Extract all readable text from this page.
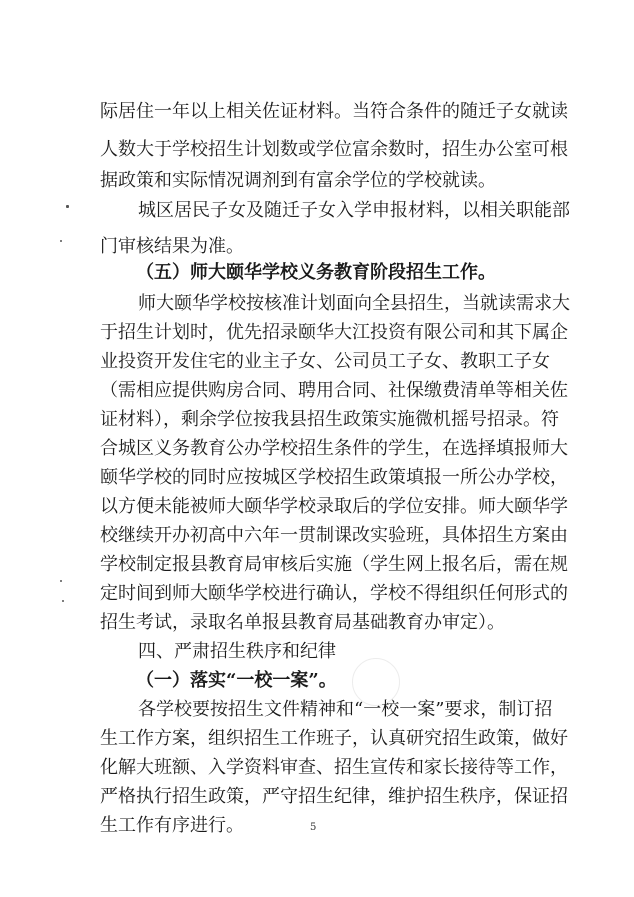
际居住一年以上相关佐证材料。当符合条件的随迁子女就读
人数大于学校招生计划数或学位富余数时，招生办公室可根
据政策和实际情况调剂到有富余学位的学校就读。
城区居民子女及随迁子女入学申报材料，以相关职能部
门审核结果为准。
（五）师大颐华学校义务教育阶段招生工作。
师大颐华学校按核准计划面向全县招生，当就读需求大
于招生计划时，优先招录颐华大江投资有限公司和其下属企
业投资开发住宅的业主子女、公司员工子女、教职工子女
（需相应提供购房合同、聘用合同、社保缴费清单等相关佐
证材料），剩余学位按我县招生政策实施微机摇号招录。符
合城区义务教育公办学校招生条件的学生，在选择填报师大
颐华学校的同时应按城区学校招生政策填报一所公办学校，
以方便未能被师大颐华学校录取后的学位安排。师大颐华学
校继续开办初高中六年一贯制课改实验班，具体招生方案由
学校制定报县教育局审核后实施（学生网上报名后，需在规
定时间到师大颐华学校进行确认，学校不得组织任何形式的
招生考试，录取名单报县教育局基础教育办审定）。
四、严肃招生秩序和纪律
（一）落实“一校一案”。
各学校要按招生文件精神和“一校一案”要求，制订招
生工作方案，组织招生工作班子，认真研究招生政策，做好
化解大班额、入学资料审查、招生宣传和家长接待等工作，
严格执行招生政策，严守招生纪律，维护招生秩序，保证招
生工作有序进行。	5
